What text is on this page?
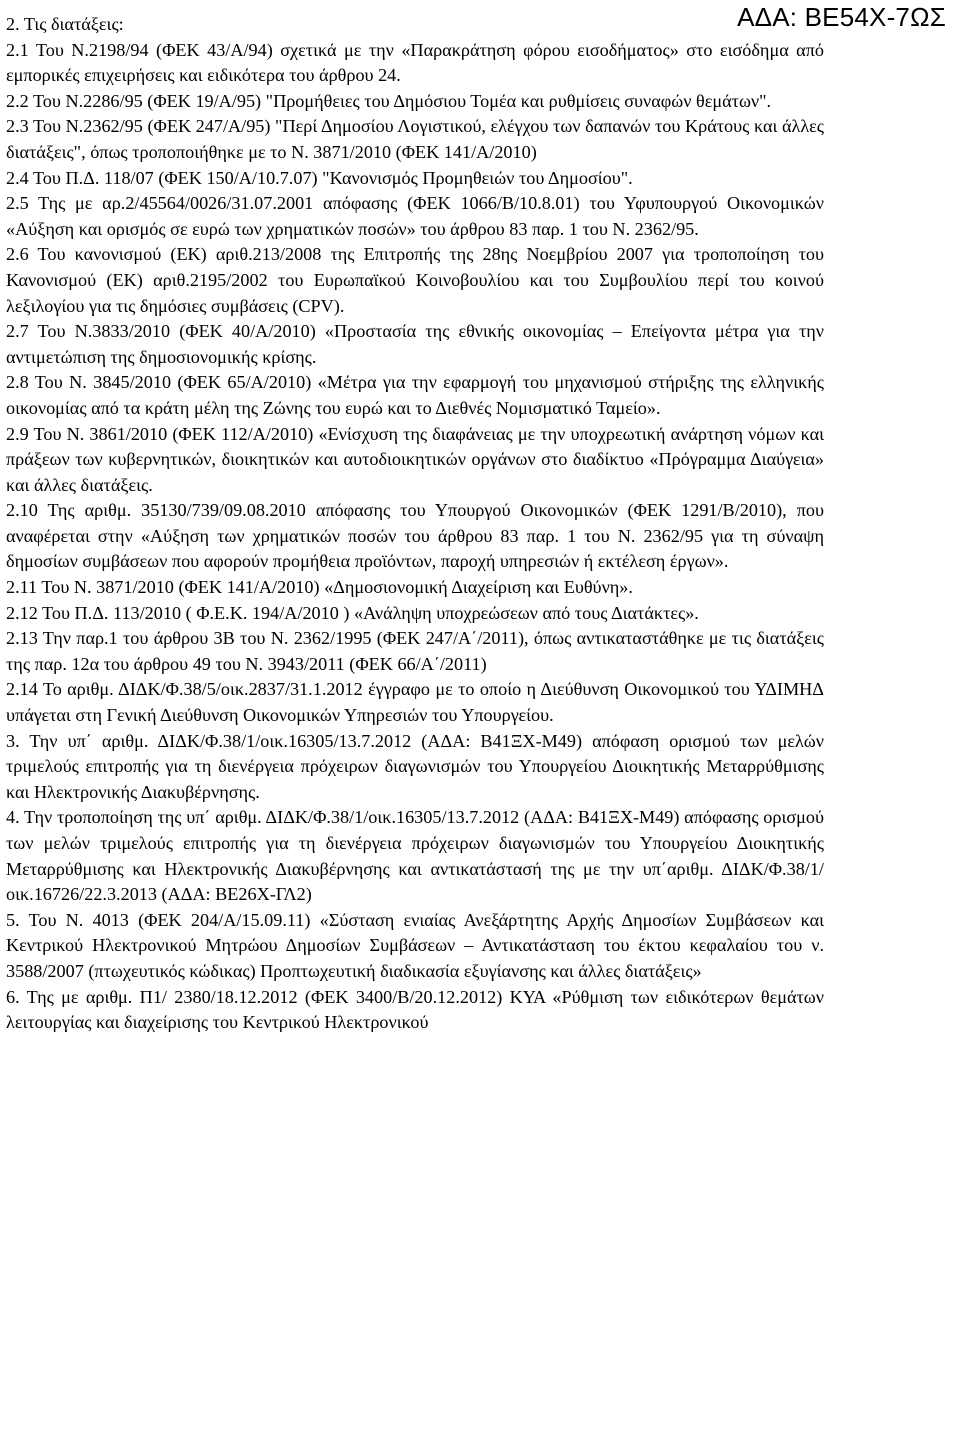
ΑΔΑ: ΒΕ54Χ-7ΩΣ

2. Τις διατάξεις:

2.1 Του Ν.2198/94 (ΦΕΚ 43/Α/94) σχετικά με την «Παρακράτηση φόρου εισοδήματος» στο εισόδημα από εμπορικές επιχειρήσεις και ειδικότερα του άρθρου 24.

2.2 Του Ν.2286/95 (ΦΕΚ 19/Α/95) "Προμήθειες του Δημόσιου Τομέα και ρυθμίσεις συναφών θεμάτων".

2.3 Του Ν.2362/95 (ΦΕΚ 247/Α/95) "Περί Δημοσίου Λογιστικού, ελέγχου των δαπανών του Κράτους και άλλες διατάξεις", όπως τροποποιήθηκε με το Ν. 3871/2010 (ΦΕΚ 141/Α/2010)

2.4 Του Π.Δ. 118/07 (ΦΕΚ 150/Α/10.7.07) "Κανονισμός Προμηθειών του Δημοσίου".

2.5 Της με αρ.2/45564/0026/31.07.2001 απόφασης (ΦΕΚ 1066/Β/10.8.01) του Υφυπουργού Οικονομικών «Αύξηση και ορισμός σε ευρώ των χρηματικών ποσών» του άρθρου 83 παρ. 1 του Ν. 2362/95.

2.6 Του κανονισμού (ΕΚ) αριθ.213/2008 της Επιτροπής της 28ης Νοεμβρίου 2007 για τροποποίηση του Κανονισμού (ΕΚ) αριθ.2195/2002 του Ευρωπαϊκού Κοινοβουλίου και του Συμβουλίου περί του κοινού λεξιλογίου για τις δημόσιες συμβάσεις (CPV).

2.7 Του Ν.3833/2010 (ΦΕΚ 40/Α/2010) «Προστασία της εθνικής οικονομίας – Επείγοντα μέτρα για την αντιμετώπιση της δημοσιονομικής κρίσης.

2.8 Του Ν. 3845/2010 (ΦΕΚ 65/Α/2010) «Μέτρα για την εφαρμογή του μηχανισμού στήριξης της ελληνικής οικονομίας από τα κράτη μέλη της Ζώνης του ευρώ και το Διεθνές Νομισματικό Ταμείο».

2.9 Του Ν. 3861/2010 (ΦΕΚ 112/Α/2010) «Ενίσχυση της διαφάνειας με την υποχρεωτική ανάρτηση νόμων και πράξεων των κυβερνητικών, διοικητικών και αυτοδιοικητικών οργάνων στο διαδίκτυο «Πρόγραμμα Διαύγεια» και άλλες διατάξεις.

2.10 Της αριθμ. 35130/739/09.08.2010 απόφασης του Υπουργού Οικονομικών (ΦΕΚ 1291/Β/2010), που αναφέρεται στην «Αύξηση των χρηματικών ποσών του άρθρου 83 παρ. 1 του Ν. 2362/95 για τη σύναψη δημοσίων συμβάσεων που αφορούν προμήθεια προϊόντων, παροχή υπηρεσιών ή εκτέλεση έργων».

2.11 Του Ν. 3871/2010 (ΦΕΚ 141/Α/2010) «Δημοσιονομική Διαχείριση και Ευθύνη».

2.12 Του Π.Δ. 113/2010 ( Φ.Ε.Κ. 194/Α/2010 ) «Ανάληψη υποχρεώσεων από τους Διατάκτες».

2.13 Την παρ.1 του άρθρου 3Β του Ν. 2362/1995 (ΦΕΚ 247/Α΄/2011), όπως αντικαταστάθηκε με τις διατάξεις της παρ. 12α του άρθρου 49 του Ν. 3943/2011 (ΦΕΚ 66/Α΄/2011)

2.14 Το αριθμ. ΔΙΔΚ/Φ.38/5/οικ.2837/31.1.2012 έγγραφο με το οποίο η Διεύθυνση Οικονομικού του ΥΔΙΜΗΔ υπάγεται στη Γενική Διεύθυνση Οικονομικών Υπηρεσιών του Υπουργείου.

3. Την υπ΄ αριθμ. ΔΙΔΚ/Φ.38/1/οικ.16305/13.7.2012 (ΑΔΑ: Β41ΞΧ-Μ49) απόφαση ορισμού των μελών τριμελούς επιτροπής για τη διενέργεια πρόχειρων διαγωνισμών του Υπουργείου Διοικητικής Μεταρρύθμισης και Ηλεκτρονικής Διακυβέρνησης.

4. Την τροποποίηση της υπ΄ αριθμ. ΔΙΔΚ/Φ.38/1/οικ.16305/13.7.2012 (ΑΔΑ: Β41ΞΧ-Μ49) απόφασης ορισμού των μελών τριμελούς επιτροπής για τη διενέργεια πρόχειρων διαγωνισμών του Υπουργείου Διοικητικής Μεταρρύθμισης και Ηλεκτρονικής Διακυβέρνησης και αντικατάστασή της με την υπ΄αριθμ. ΔΙΔΚ/Φ.38/1/οικ.16726/22.3.2013 (ΑΔΑ: ΒΕ26Χ-ΓΛ2)

5. Του Ν. 4013 (ΦΕΚ 204/Α/15.09.11) «Σύσταση ενιαίας Ανεξάρτητης Αρχής Δημοσίων Συμβάσεων και Κεντρικού Ηλεκτρονικού Μητρώου Δημοσίων Συμβάσεων – Αντικατάσταση του έκτου κεφαλαίου του ν. 3588/2007 (πτωχευτικός κώδικας) Προπτωχευτική διαδικασία εξυγίανσης και άλλες διατάξεις»

6. Της με αριθμ. Π1/ 2380/18.12.2012 (ΦΕΚ 3400/Β/20.12.2012) ΚΥΑ «Ρύθμιση των ειδικότερων θεμάτων λειτουργίας και διαχείρισης του Κεντρικού Ηλεκτρονικού
